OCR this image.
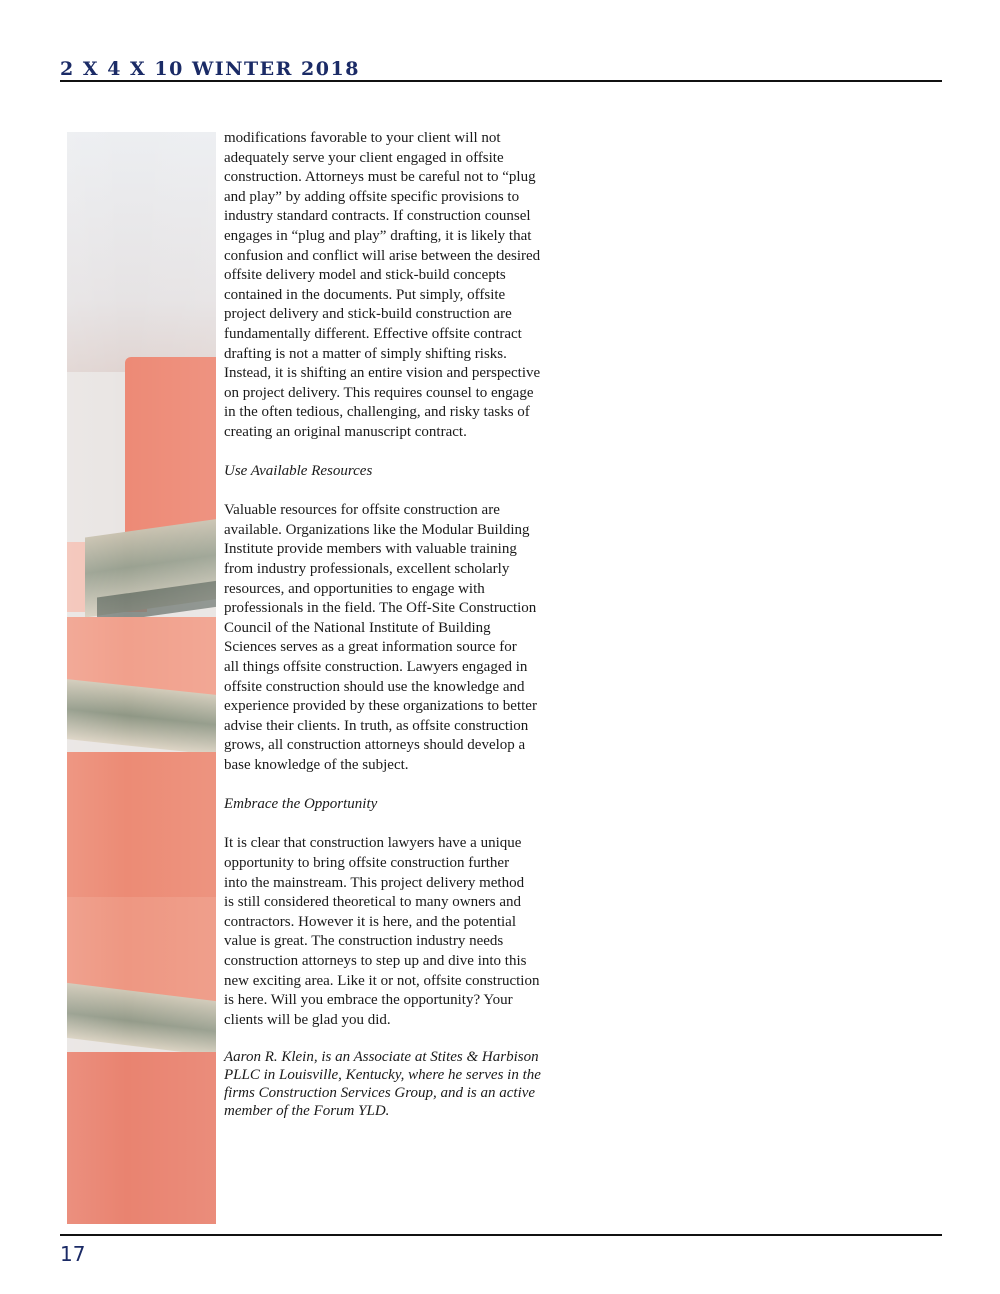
2 X 4 X 10 WINTER 2018

modifications favorable to your client will not
adequately serve your client engaged in offsite
construction. Attorneys must be careful not to “plug
and play” by adding offsite specific provisions to
industry standard contracts. If construction counsel
engages in “plug and play” drafting, it is likely that
confusion and conflict will arise between the desired
offsite delivery model and stick-build concepts
contained in the documents. Put simply, offsite
project delivery and stick-build construction are
fundamentally different. Effective offsite contract
drafting is not a matter of simply shifting risks.
Instead, it is shifting an entire vision and perspective
on project delivery. This requires counsel to engage
in the often tedious, challenging, and risky tasks of
creating an original manuscript contract.

Use Available Resources

Valuable resources for offsite construction are
available. Organizations like the Modular Building
Institute provide members with valuable training
from industry professionals, excellent scholarly
resources, and opportunities to engage with
professionals in the field. The Off-Site Construction
Council of the National Institute of Building
Sciences serves as a great information source for
all things offsite construction. Lawyers engaged in
offsite construction should use the knowledge and
experience provided by these organizations to better
advise their clients. In truth, as offsite construction
grows, all construction attorneys should develop a
base knowledge of the subject.

Embrace the Opportunity

It is clear that construction lawyers have a unique
opportunity to bring offsite construction further
into the mainstream. This project delivery method
is still considered theoretical to many owners and
contractors. However it is here, and the potential
value is great. The construction industry needs
construction attorneys to step up and dive into this
new exciting area. Like it or not, offsite construction
is here. Will you embrace the opportunity? Your
clients will be glad you did.

Aaron R. Klein, is an Associate at Stites & Harbison
PLLC in Louisville, Kentucky, where he serves in the
firms Construction Services Group, and is an active
member of the Forum YLD.

17
